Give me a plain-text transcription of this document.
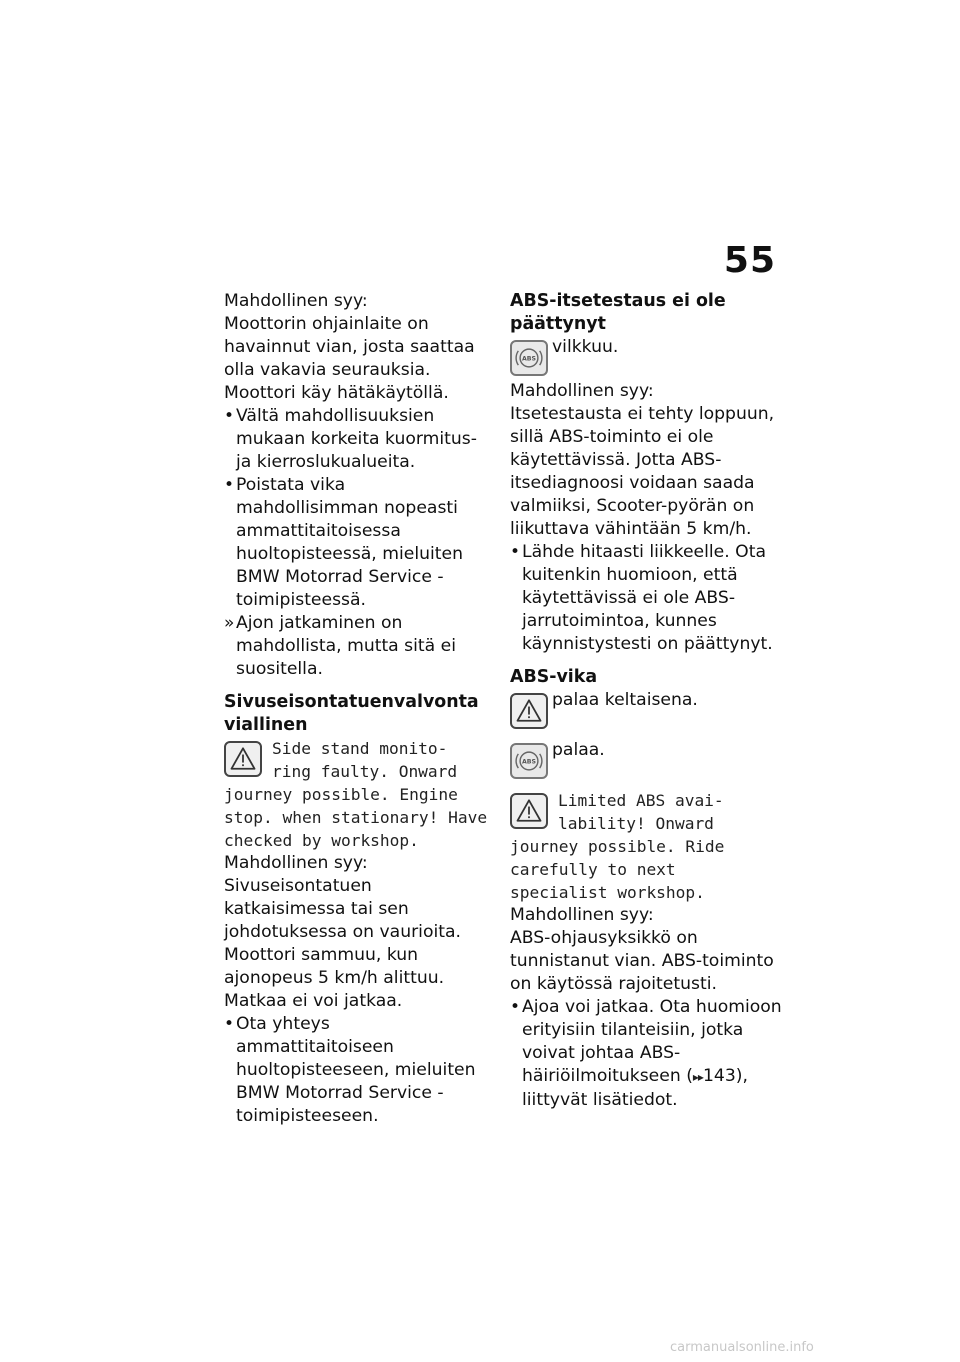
55

Mahdollinen syy:

Moottorin ohjainlaite on havainnut vian, josta saattaa olla vakavia seurauksia. Moottori käy hätäkäytöllä.

• Vältä mahdollisuuksien mukaan korkeita kuormitus- ja kierroslukualueita.
• Poistata vika mahdollisimman nopeasti ammattitaitoisessa huoltopisteessä, mieluiten BMW Motorrad Service -toimipisteessä.
» Ajon jatkaminen on mahdollista, mutta sitä ei suositella.

Sivuseisontatuenvalvonta viallinen

Side stand monito-

ring faulty. Onward

journey possible. Engine stop. when stationary! Have checked by workshop.

Mahdollinen syy:

Sivuseisontatuen katkaisimessa tai sen johdotuksessa on vaurioita. Moottori sammuu, kun ajonopeus 5 km/h alittuu. Matkaa ei voi jatkaa.

• Ota yhteys ammattitaitoiseen huoltopisteeseen, mieluiten BMW Motorrad Service -toimipisteeseen.

ABS-itsetestaus ei ole päättynyt

ABS

vilkkuu.

Mahdollinen syy:

Itsetestausta ei tehty loppuun, sillä ABS-toiminto ei ole käytettävissä. Jotta ABS-itsediagnoosi voidaan saada valmiiksi, Scooter-pyörän on liikuttava vähintään 5 km/h.

• Lähde hitaasti liikkeelle. Ota kuitenkin huomioon, että käytettävissä ei ole ABS-jarrutoimintoa, kunnes käynnistystesti on päättynyt.

ABS-vika

palaa keltaisena.

ABS

palaa.

Limited ABS avai-

lability! Onward

journey possible. Ride carefully to next specialist workshop.

Mahdollinen syy:

ABS-ohjausyksikkö on tunnistanut vian. ABS-toiminto on käytössä rajoitetusti.

• Ajoa voi jatkaa. Ota huomioon erityisiin tilanteisiin, jotka voivat johtaa ABS-häiriöilmoitukseen (▸▸143), liittyvät lisätiedot.
carmanualsonline.info
